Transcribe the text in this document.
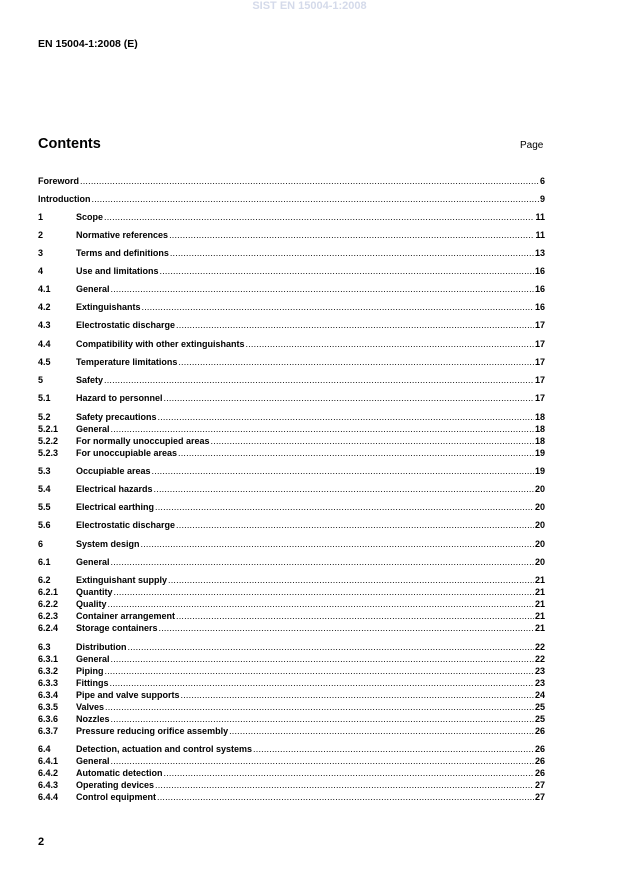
SIST EN 15004-1:2008
EN 15004-1:2008 (E)
Contents	Page
Foreword .....	6
Introduction .....	9
1	Scope .....	11
2	Normative references .....	11
3	Terms and definitions .....	13
4	Use and limitations .....	16
4.1	General .....	16
4.2	Extinguishants .....	16
4.3	Electrostatic discharge .....	17
4.4	Compatibility with other extinguishants .....	17
4.5	Temperature limitations .....	17
5	Safety .....	17
5.1	Hazard to personnel .....	17
5.2	Safety precautions .....	18
5.2.1	General .....	18
5.2.2	For normally unoccupied areas .....	18
5.2.3	For unoccupiable areas .....	19
5.3	Occupiable areas .....	19
5.4	Electrical hazards .....	20
5.5	Electrical earthing .....	20
5.6	Electrostatic discharge .....	20
6	System design .....	20
6.1	General .....	20
6.2	Extinguishant supply .....	21
6.2.1	Quantity .....	21
6.2.2	Quality .....	21
6.2.3	Container arrangement .....	21
6.2.4	Storage containers .....	21
6.3	Distribution .....	22
6.3.1	General .....	22
6.3.2	Piping .....	23
6.3.3	Fittings .....	23
6.3.4	Pipe and valve supports .....	24
6.3.5	Valves .....	25
6.3.6	Nozzles .....	25
6.3.7	Pressure reducing orifice assembly .....	26
6.4	Detection, actuation and control systems .....	26
6.4.1	General .....	26
6.4.2	Automatic detection .....	26
6.4.3	Operating devices .....	27
6.4.4	Control equipment .....	27
2
